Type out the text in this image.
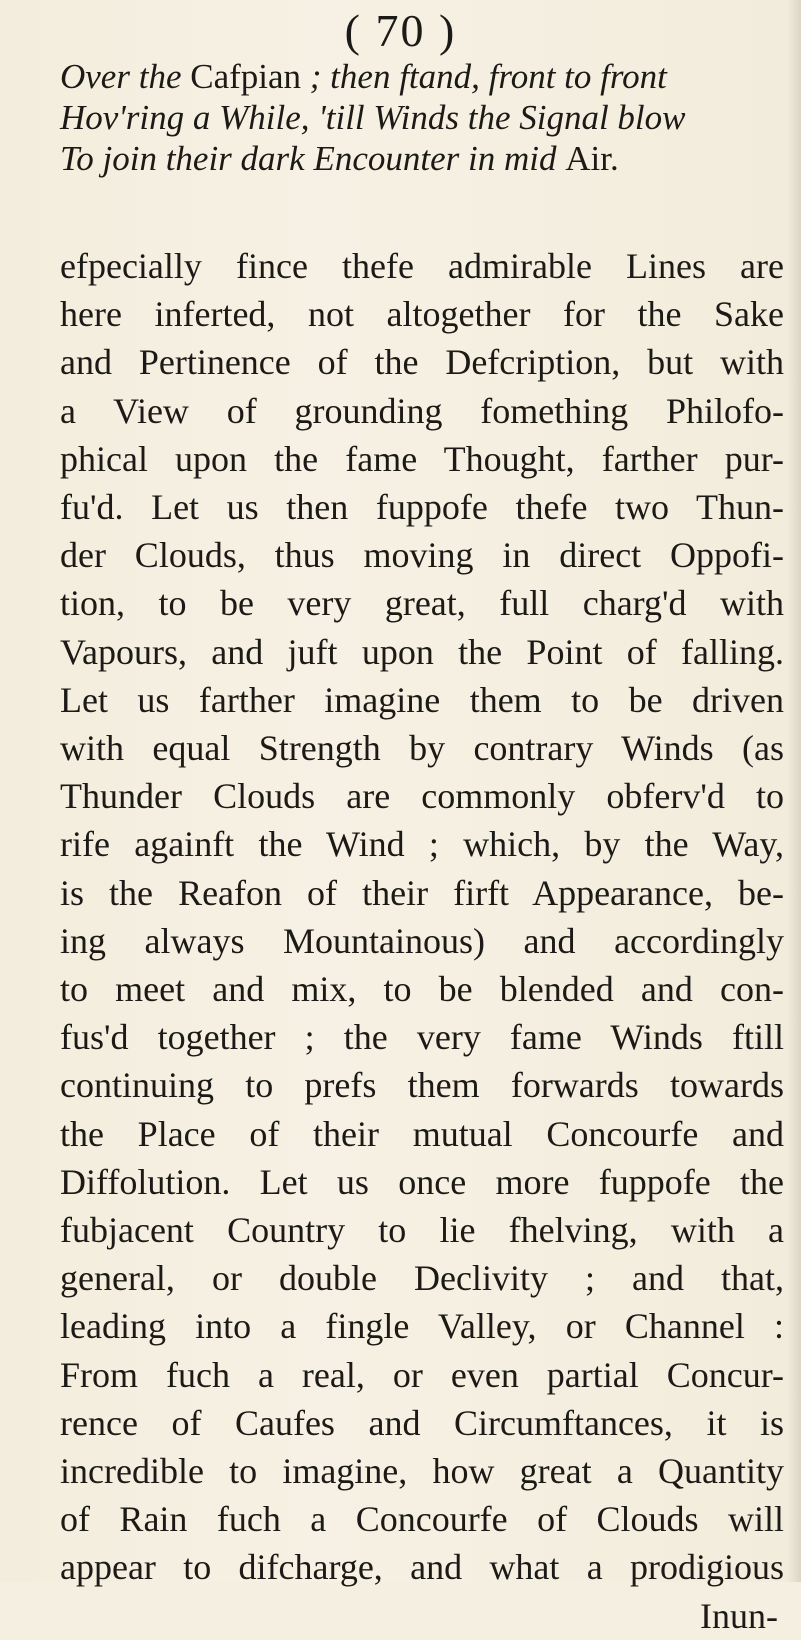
( 70 )
Over the Cafpian ; then ftand, front to front
Hov'ring a While, 'till Winds the Signal blow
To join their dark Encounter in mid Air.
efpecially fince thefe admirable Lines are
here inferted, not altogether for the Sake
and Pertinence of the Defcription, but with
a View of grounding fomething Philofo-
phical upon the fame Thought, farther pur-
fu'd. Let us then fuppofe thefe two Thun-
der Clouds, thus moving in direct Oppofi-
tion, to be very great, full charg'd with
Vapours, and juft upon the Point of falling.
Let us farther imagine them to be driven
with equal Strength by contrary Winds (as
Thunder Clouds are commonly obferv'd to
rife againft the Wind ; which, by the Way,
is the Reafon of their firft Appearance, be-
ing always Mountainous) and accordingly
to meet and mix, to be blended and con-
fus'd together ; the very fame Winds ftill
continuing to prefs them forwards towards
the Place of their mutual Concourfe and
Diffolution. Let us once more fuppofe the
fubjacent Country to lie fhelving, with a
general, or double Declivity ; and that,
leading into a fingle Valley, or Channel :
From fuch a real, or even partial Concur-
rence of Caufes and Circumftances, it is
incredible to imagine, how great a Quantity
of Rain fuch a Concourfe of Clouds will
appear to difcharge, and what a prodigious
Inun-
